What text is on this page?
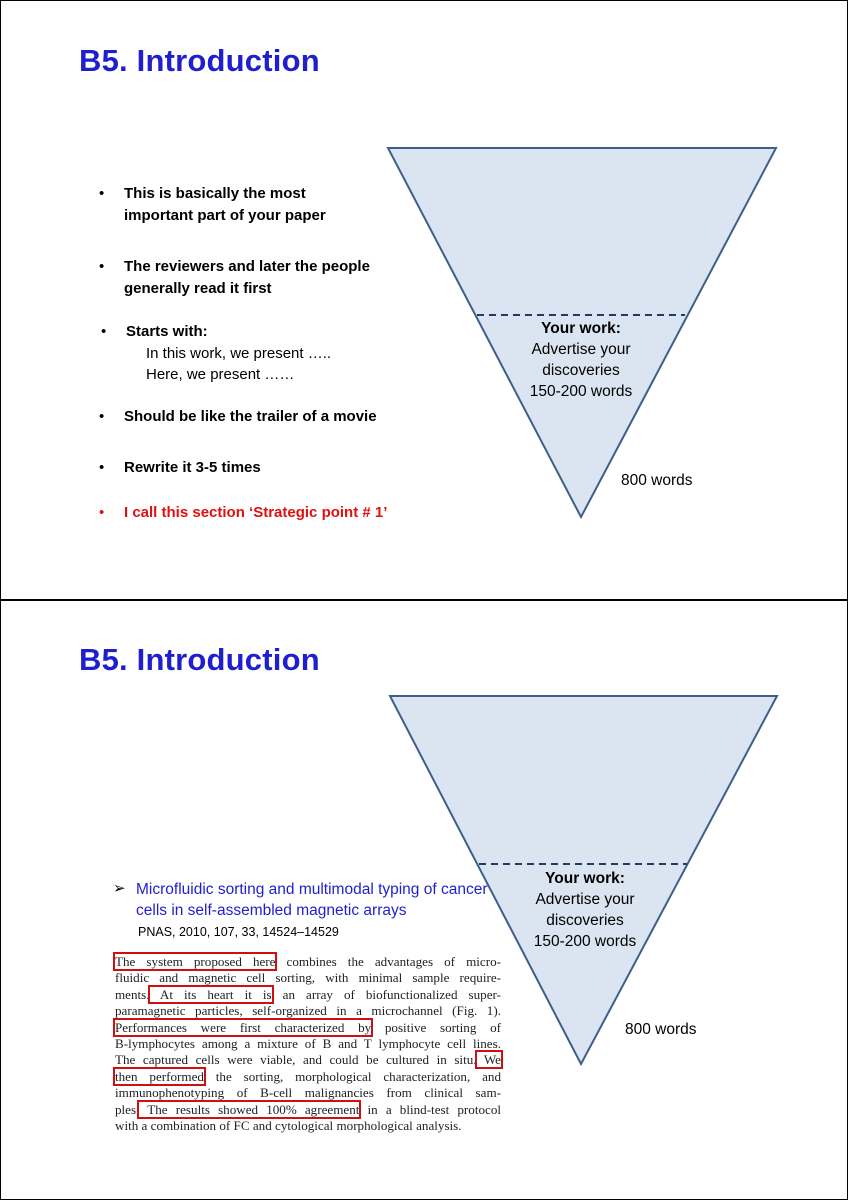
B5. Introduction
• This is basically the most
important part of your paper
• The reviewers and later the people
generally read it first
• Starts with:
In this work, we present …..
Here, we present ……
• Should be like the trailer of a movie
• Rewrite it 3-5 times
• I call this section ‘Strategic point # 1’
Your work:
Advertise your
discoveries
150-200 words
800 words
B5. Introduction
Your work:
Advertise your
discoveries
150-200 words
800 words
➢ Microfluidic sorting and multimodal typing of cancer cells in self-assembled magnetic arrays
PNAS, 2010, 107, 33, 14524–14529
The system proposed here combines the advantages of micro-
fluidic and magnetic cell sorting, with minimal sample require-
ments. At its heart it is an array of biofunctionalized super-
paramagnetic particles, self-organized in a microchannel (Fig. 1).
Performances were first characterized by positive sorting of
B-lymphocytes among a mixture of B and T lymphocyte cell lines.
The captured cells were viable, and could be cultured in situ. We
then performed the sorting, morphological characterization, and
immunophenotyping of B-cell malignancies from clinical sam-
ples. The results showed 100% agreement in a blind-test protocol
with a combination of FC and cytological morphological analysis.
